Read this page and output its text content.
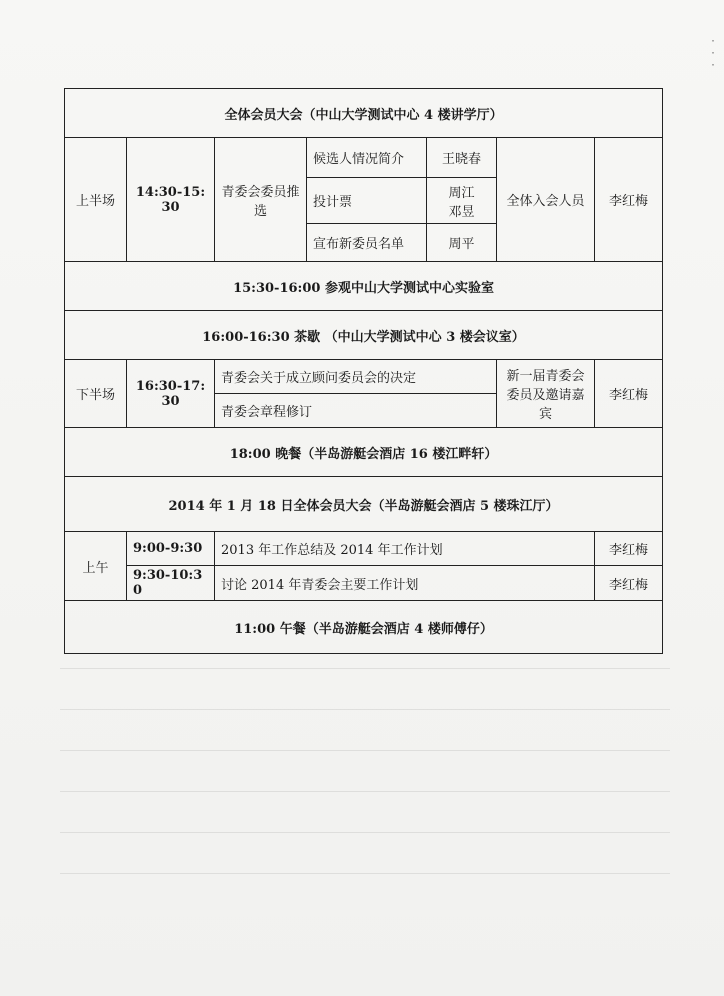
·
·
·
全体会员大会（中山大学测试中心 4 楼讲学厅）						
上半场	14:30-15:30	青委会委员推选	候选人情况简介	王晓春	全体入会人员	李红梅
			投计票	周江 邓昱		
			宣布新委员名单	周平		
15:30-16:00 参观中山大学测试中心实验室						
16:00-16:30 茶歇 （中山大学测试中心 3 楼会议室）						
下半场	16:30-17:30	青委会关于成立顾问委员会的决定			新一届青委会委员及邀请嘉宾	李红梅
		青委会章程修订				
18:00 晚餐（半岛游艇会酒店 16 楼江畔轩）						
2014 年 1 月 18 日全体会员大会（半岛游艇会酒店 5 楼珠江厅）						
上午	9:00-9:30	2013 年工作总结及 2014 年工作计划				李红梅
	9:30-10:30	讨论 2014 年青委会主要工作计划				李红梅
11:00 午餐（半岛游艇会酒店 4 楼师傅仔）						
